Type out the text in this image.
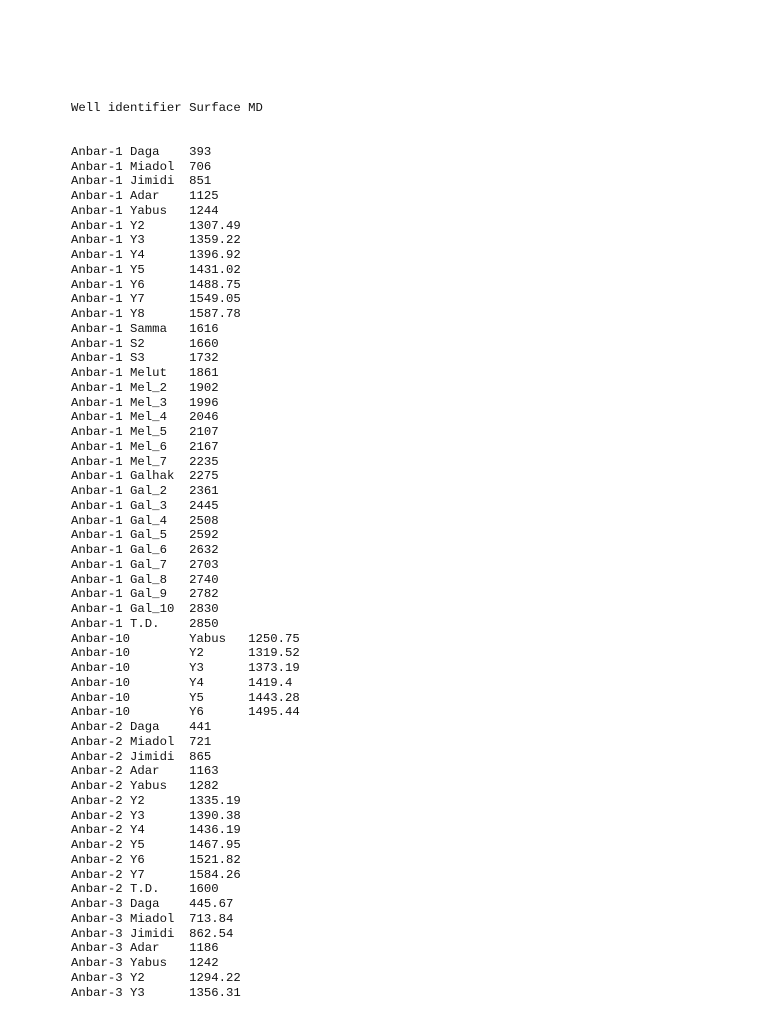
Well identifier	Surface	MD

Anbar-1	Daga	393
Anbar-1	Miadol	706
Anbar-1	Jimidi	851
Anbar-1	Adar	1125
Anbar-1	Yabus	1244
Anbar-1	Y2	1307.49
Anbar-1	Y3	1359.22
Anbar-1	Y4	1396.92
Anbar-1	Y5	1431.02
Anbar-1	Y6	1488.75
Anbar-1	Y7	1549.05
Anbar-1	Y8	1587.78
Anbar-1	Samma	1616
Anbar-1	S2	1660
Anbar-1	S3	1732
Anbar-1	Melut	1861
Anbar-1	Mel_2	1902
Anbar-1	Mel_3	1996
Anbar-1	Mel_4	2046
Anbar-1	Mel_5	2107
Anbar-1	Mel_6	2167
Anbar-1	Mel_7	2235
Anbar-1	Galhak	2275
Anbar-1	Gal_2	2361
Anbar-1	Gal_3	2445
Anbar-1	Gal_4	2508
Anbar-1	Gal_5	2592
Anbar-1	Gal_6	2632
Anbar-1	Gal_7	2703
Anbar-1	Gal_8	2740
Anbar-1	Gal_9	2782
Anbar-1	Gal_10	2830
Anbar-1	T.D.	2850
Anbar-10	Yabus	1250.75
Anbar-10	Y2	1319.52
Anbar-10	Y3	1373.19
Anbar-10	Y4	1419.4
Anbar-10	Y5	1443.28
Anbar-10	Y6	1495.44
Anbar-2	Daga	441
Anbar-2	Miadol	721
Anbar-2	Jimidi	865
Anbar-2	Adar	1163
Anbar-2	Yabus	1282
Anbar-2	Y2	1335.19
Anbar-2	Y3	1390.38
Anbar-2	Y4	1436.19
Anbar-2	Y5	1467.95
Anbar-2	Y6	1521.82
Anbar-2	Y7	1584.26
Anbar-2	T.D.	1600
Anbar-3	Daga	445.67
Anbar-3	Miadol	713.84
Anbar-3	Jimidi	862.54
Anbar-3	Adar	1186
Anbar-3	Yabus	1242
Anbar-3	Y2	1294.22
Anbar-3	Y3	1356.31
